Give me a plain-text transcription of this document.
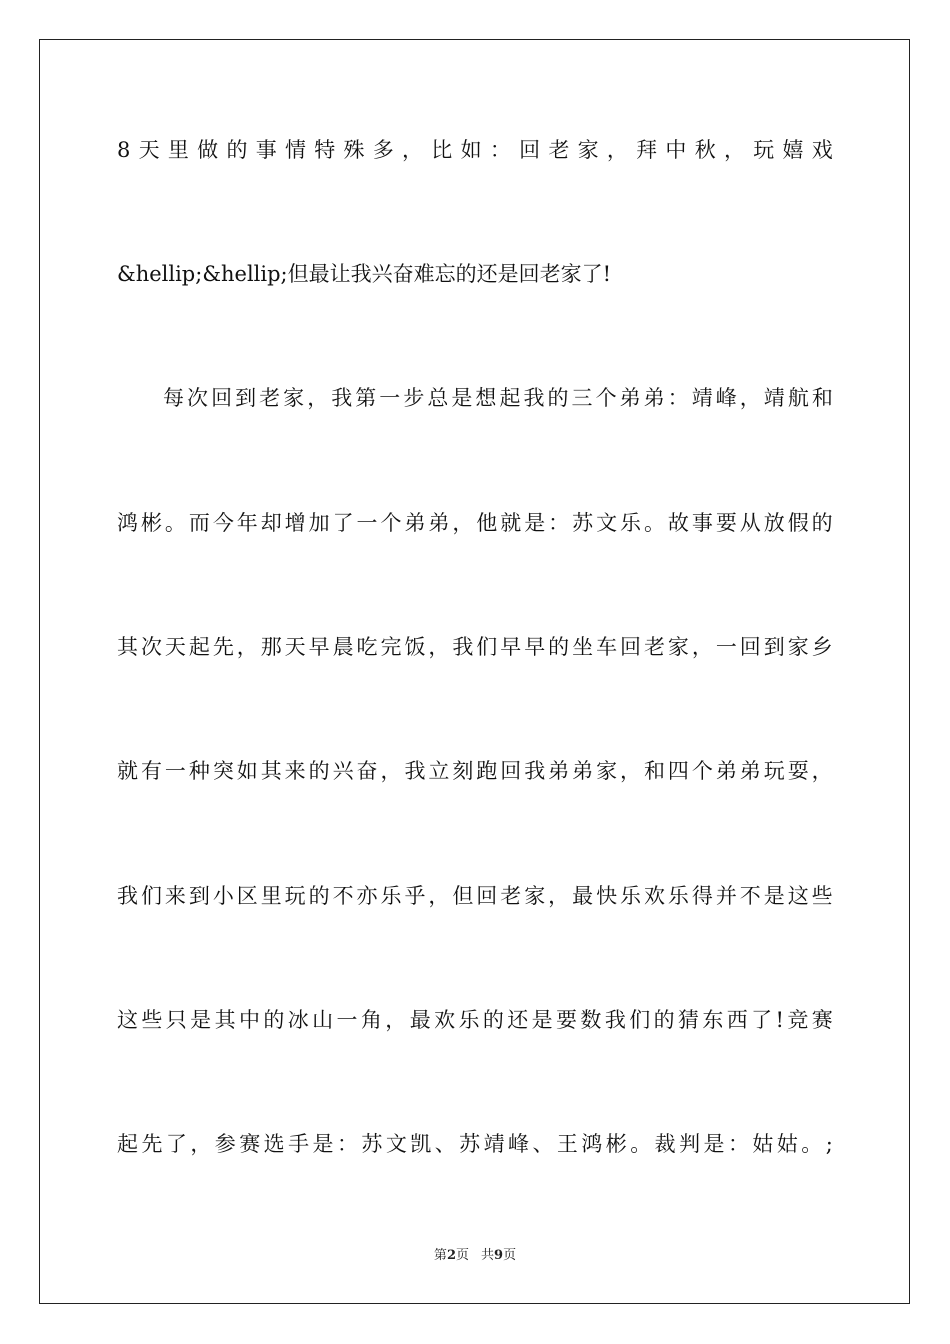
8 天 里 做 的 事 情 特 殊 多 ， 比 如 ： 回 老 家 ， 拜 中 秋 ， 玩 嬉 戏
&hellip;&hellip;但最让我兴奋难忘的还是回老家了!
每 次 回 到 老 家 ， 我 第 一 步 总 是 想 起 我 的 三 个 弟 弟 ： 靖 峰 ， 靖 航 和
鸿 彬 。 而 今 年 却 增 加 了 一 个 弟 弟 ， 他 就 是 ： 苏 文 乐 。 故 事 要 从 放 假 的
其 次 天 起 先 ， 那 天 早 晨 吃 完 饭 ， 我 们 早 早 的 坐 车 回 老 家 ， 一 回 到 家 乡
就 有 一 种 突 如 其 来 的 兴 奋 ， 我 立 刻 跑 回 我 弟 弟 家 ， 和 四 个 弟 弟 玩 耍 ，
我 们 来 到 小 区 里 玩 的 不 亦 乐 乎 ， 但 回 老 家 ， 最 快 乐 欢 乐 得 并 不 是 这 些
这 些 只 是 其 中 的 冰 山 一 角 ， 最 欢 乐 的 还 是 要 数 我 们 的 猜 东 西 了 ! 竞 赛
起 先 了 ， 参 赛 选 手 是 ： 苏 文 凯 、 苏 靖 峰 、 王 鸿 彬 。 裁 判 是 ： 姑 姑 。 ;
第2页 共9页
